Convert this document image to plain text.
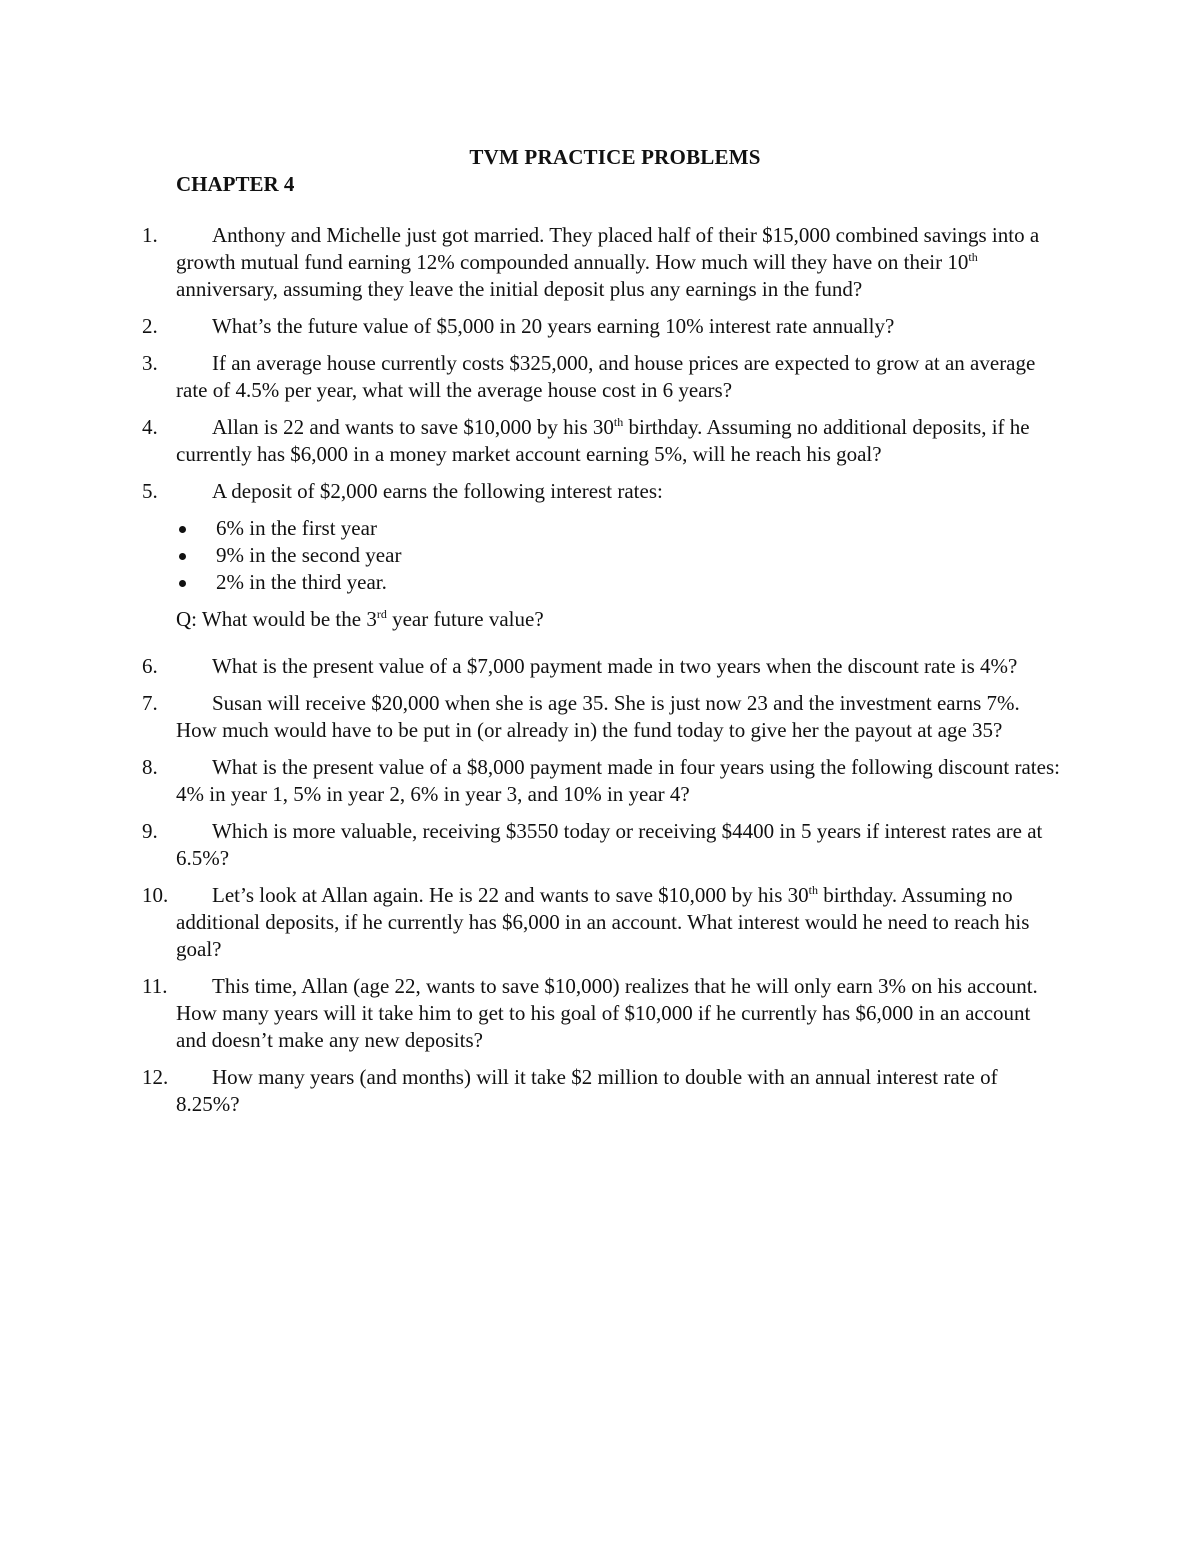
TVM PRACTICE PROBLEMS
CHAPTER 4
1.	Anthony and Michelle just got married. They placed half of their $15,000 combined savings into a growth mutual fund earning 12% compounded annually. How much will they have on their 10th anniversary, assuming they leave the initial deposit plus any earnings in the fund?
2.	What’s the future value of $5,000 in 20 years earning 10% interest rate annually?
3.	If an average house currently costs $325,000, and house prices are expected to grow at an average rate of 4.5% per year, what will the average house cost in 6 years?
4.	Allan is 22 and wants to save $10,000 by his 30th birthday. Assuming no additional deposits, if he currently has $6,000 in a money market account earning 5%, will he reach his goal?
5.	A deposit of $2,000 earns the following interest rates:
6% in the first year
9% in the second year
2% in the third year.
Q: What would be the 3rd year future value?
6.	What is the present value of a $7,000 payment made in two years when the discount rate is 4%?
7.	Susan will receive $20,000 when she is age 35. She is just now 23 and the investment earns 7%. How much would have to be put in (or already in) the fund today to give her the payout at age 35?
8.	What is the present value of a $8,000 payment made in four years using the following discount rates: 4% in year 1, 5% in year 2, 6% in year 3, and 10% in year 4?
9.	Which is more valuable, receiving $3550 today or receiving $4400 in 5 years if interest rates are at 6.5%?
10.	Let’s look at Allan again. He is 22 and wants to save $10,000 by his 30th birthday. Assuming no additional deposits, if he currently has $6,000 in an account. What interest would he need to reach his goal?
11.	This time, Allan (age 22, wants to save $10,000) realizes that he will only earn 3% on his account. How many years will it take him to get to his goal of $10,000 if he currently has $6,000 in an account and doesn’t make any new deposits?
12.	How many years (and months) will it take $2 million to double with an annual interest rate of 8.25%?
